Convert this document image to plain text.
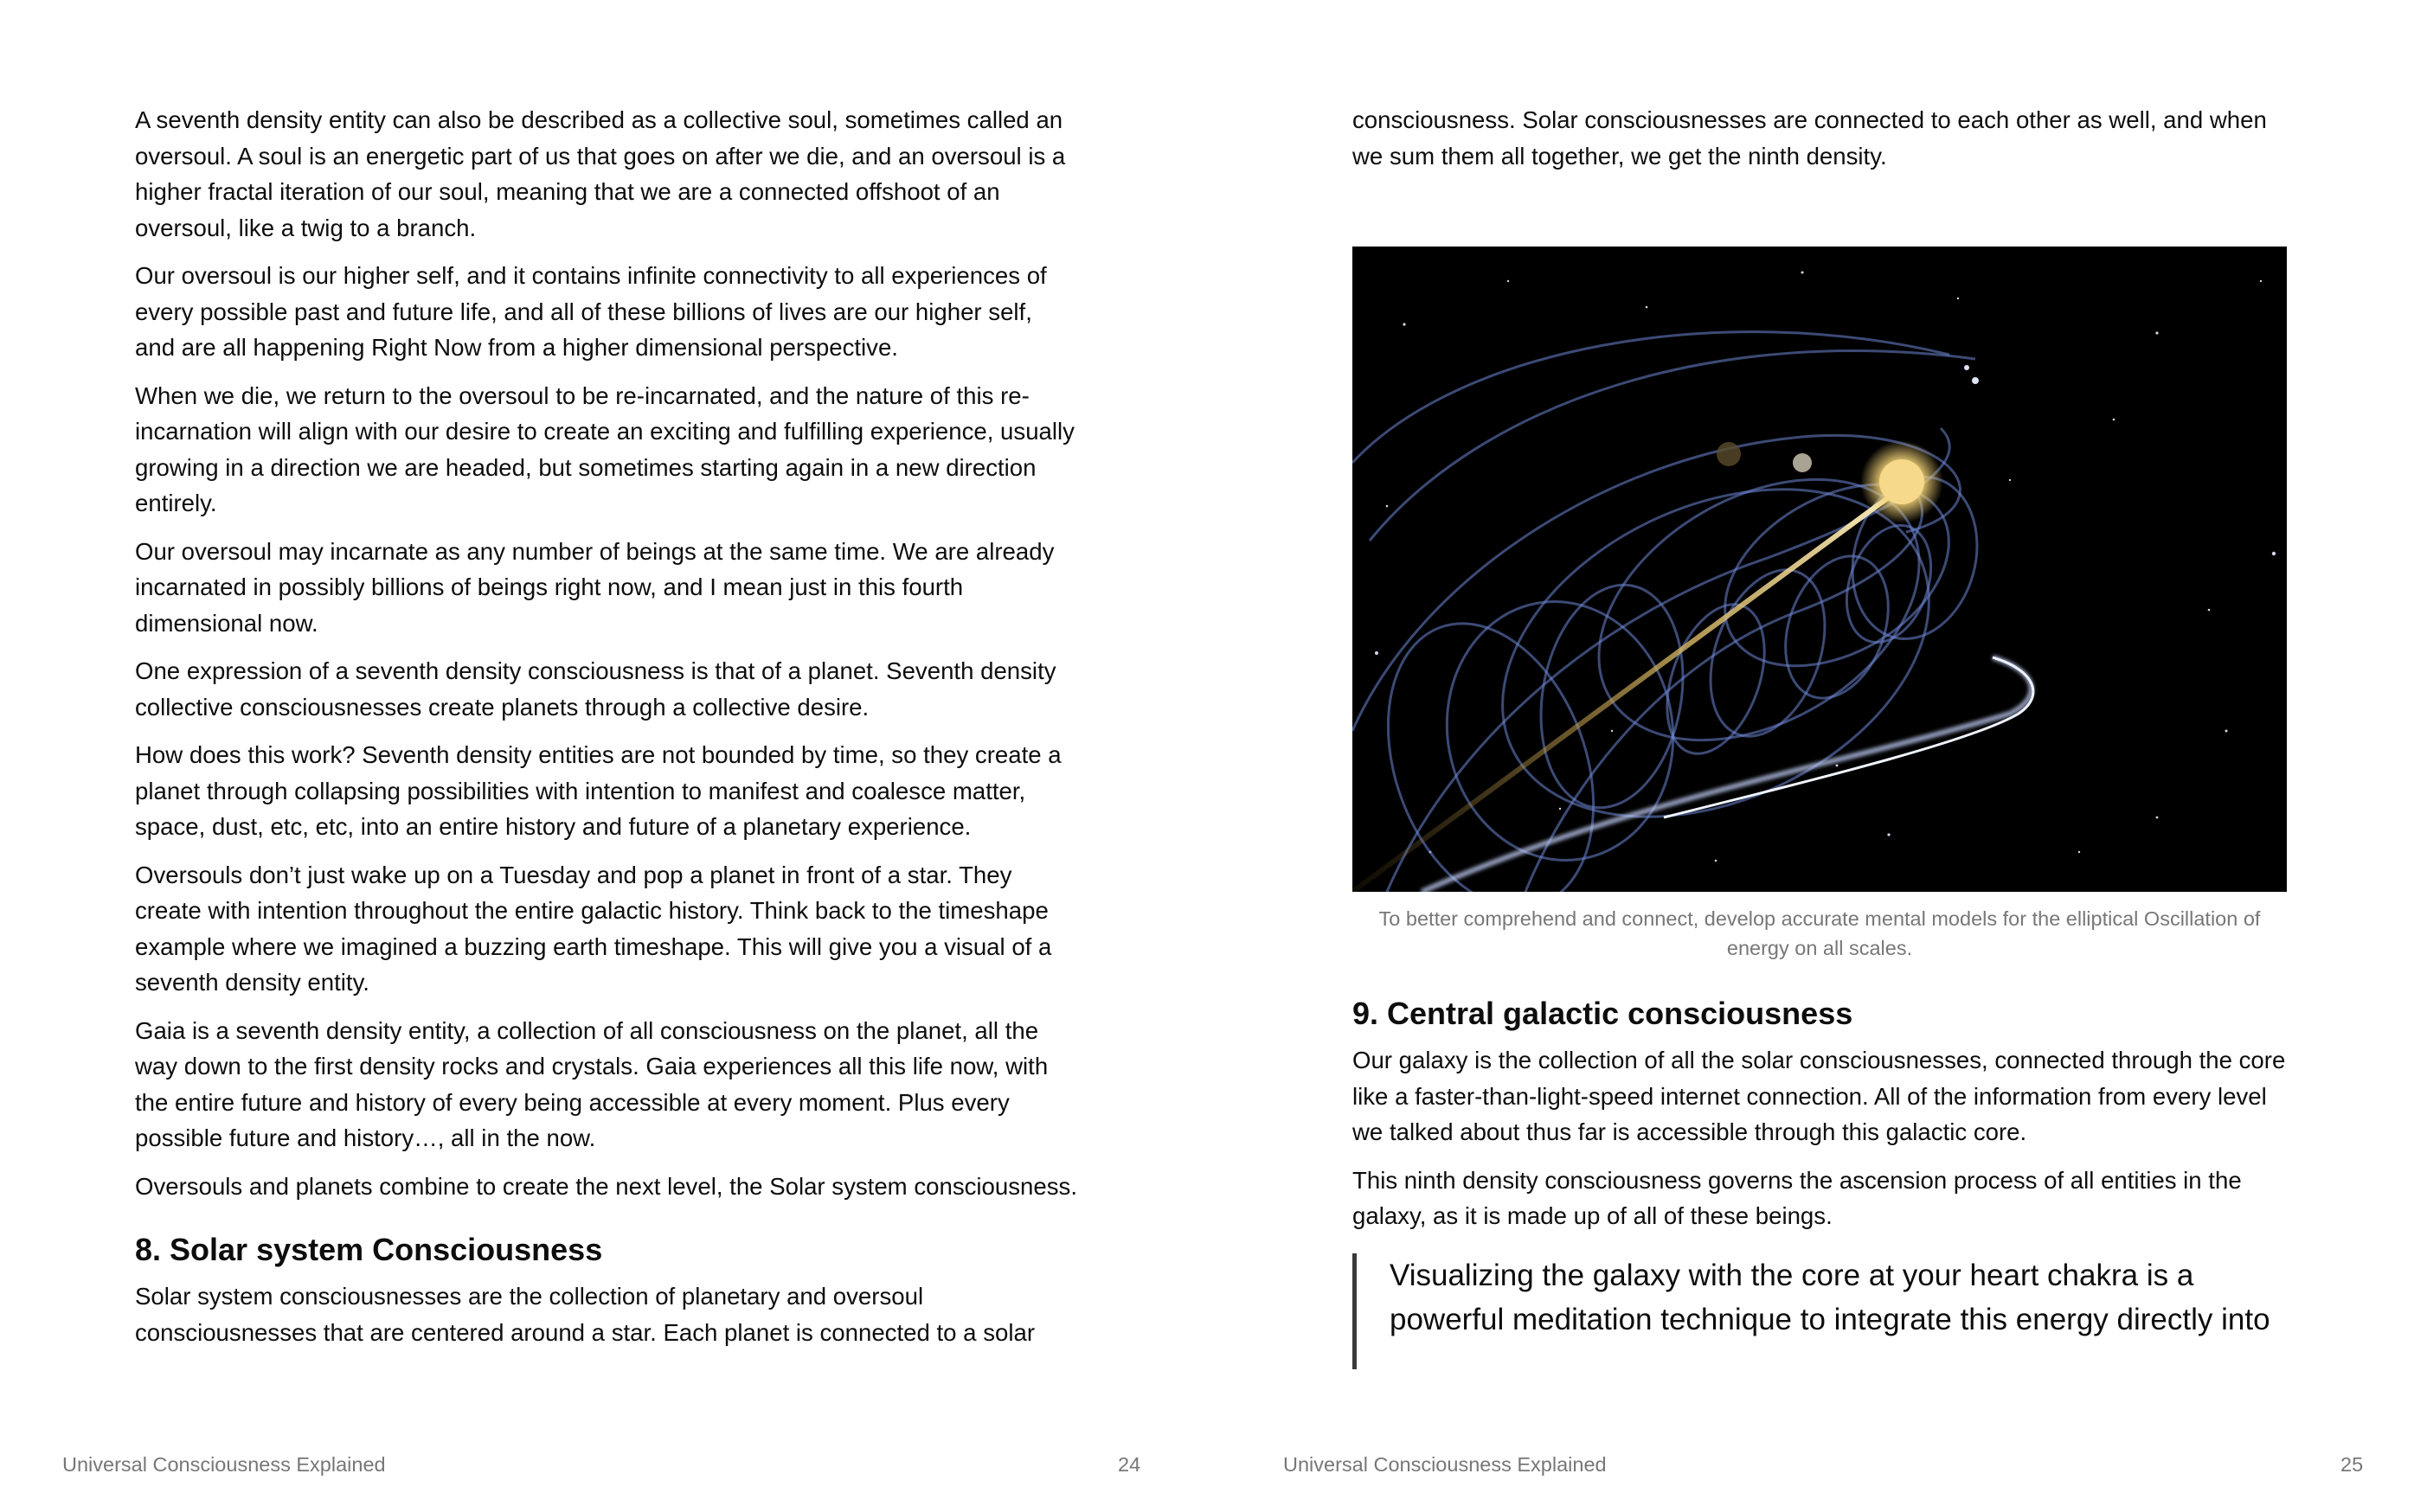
A seventh density entity can also be described as a collective soul, sometimes called an oversoul. A soul is an energetic part of us that goes on after we die, and an oversoul is a higher fractal iteration of our soul, meaning that we are a connected offshoot of an oversoul, like a twig to a branch.

Our oversoul is our higher self, and it contains infinite connectivity to all experiences of every possible past and future life, and all of these billions of lives are our higher self, and are all happening Right Now from a higher dimensional perspective.

When we die, we return to the oversoul to be re-incarnated, and the nature of this re-incarnation will align with our desire to create an exciting and fulfilling experience, usually growing in a direction we are headed, but sometimes starting again in a new direction entirely.

Our oversoul may incarnate as any number of beings at the same time. We are already incarnated in possibly billions of beings right now, and I mean just in this fourth dimensional now.

One expression of a seventh density consciousness is that of a planet. Seventh density collective consciousnesses create planets through a collective desire.

How does this work? Seventh density entities are not bounded by time, so they create a planet through collapsing possibilities with intention to manifest and coalesce matter, space, dust, etc, etc, into an entire history and future of a planetary experience.

Oversouls don’t just wake up on a Tuesday and pop a planet in front of a star. They create with intention throughout the entire galactic history. Think back to the timeshape example where we imagined a buzzing earth timeshape. This will give you a visual of a seventh density entity.

Gaia is a seventh density entity, a collection of all consciousness on the planet, all the way down to the first density rocks and crystals. Gaia experiences all this life now, with the entire future and history of every being accessible at every moment. Plus every possible future and history…, all in the now.

Oversouls and planets combine to create the next level, the Solar system consciousness.

8. Solar system Consciousness

Solar system consciousnesses are the collection of planetary and oversoul consciousnesses that are centered around a star. Each planet is connected to a solar

Universal Consciousness Explained	24

consciousness. Solar consciousnesses are connected to each other as well, and when we sum them all together, we get the ninth density.

To better comprehend and connect, develop accurate mental models for the elliptical Oscillation of energy on all scales.
9. Central galactic consciousness

Our galaxy is the collection of all the solar consciousnesses, connected through the core like a faster-than-light-speed internet connection. All of the information from every level we talked about thus far is accessible through this galactic core.

This ninth density consciousness governs the ascension process of all entities in the galaxy, as it is made up of all of these beings.

Visualizing the galaxy with the core at your heart chakra is a powerful meditation technique to integrate this energy directly into

Universal Consciousness Explained	25
